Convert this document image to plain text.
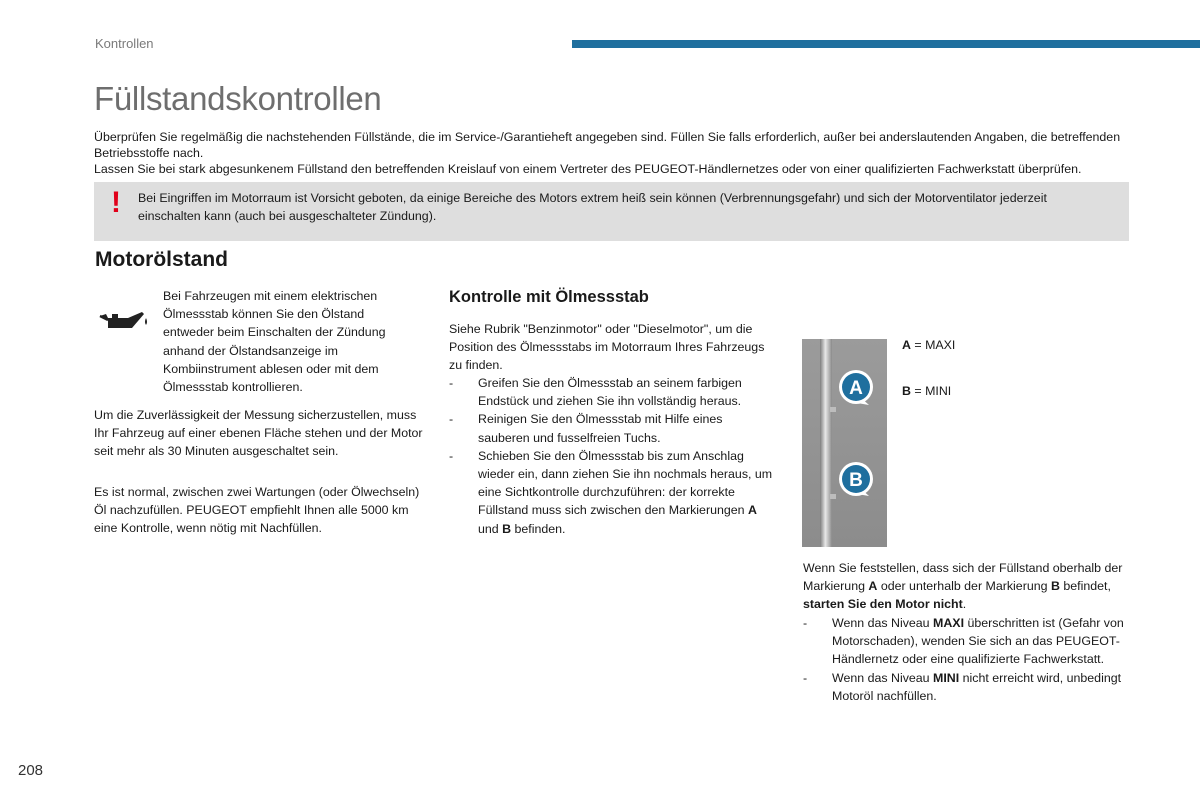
Kontrollen
Füllstandskontrollen

Überprüfen Sie regelmäßig die nachstehenden Füllstände, die im Service-/Garantieheft angegeben sind. Füllen Sie falls erforderlich, außer bei anderslautenden Angaben, die betreffenden Betriebsstoffe nach.

Lassen Sie bei stark abgesunkenem Füllstand den betreffenden Kreislauf von einem Vertreter des PEUGEOT-Händlernetzes oder von einer qualifizierten Fachwerkstatt überprüfen.

! Bei Eingriffen im Motorraum ist Vorsicht geboten, da einige Bereiche des Motors extrem heiß sein können (Verbrennungsgefahr) und sich der Motorventilator jederzeit einschalten kann (auch bei ausgeschalteter Zündung).
Motorölstand
Bei Fahrzeugen mit einem elektrischen Ölmessstab können Sie den Ölstand entweder beim Einschalten der Zündung anhand der Ölstandsanzeige im Kombiinstrument ablesen oder mit dem Ölmessstab kontrollieren.
Um die Zuverlässigkeit der Messung sicherzustellen, muss Ihr Fahrzeug auf einer ebenen Fläche stehen und der Motor seit mehr als 30 Minuten ausgeschaltet sein.
Es ist normal, zwischen zwei Wartungen (oder Ölwechseln) Öl nachzufüllen. PEUGEOT empfiehlt Ihnen alle 5000 km eine Kontrolle, wenn nötig mit Nachfüllen.
Kontrolle mit Ölmessstab
Siehe Rubrik "Benzinmotor" oder "Dieselmotor", um die Position des Ölmessstabs im Motorraum Ihres Fahrzeugs zu finden.
- Greifen Sie den Ölmessstab an seinem farbigen Endstück und ziehen Sie ihn vollständig heraus.
- Reinigen Sie den Ölmessstab mit Hilfe eines sauberen und fusselfreien Tuchs.
- Schieben Sie den Ölmessstab bis zum Anschlag wieder ein, dann ziehen Sie ihn nochmals heraus, um eine Sichtkontrolle durchzuführen: der korrekte Füllstand muss sich zwischen den Markierungen A und B befinden.
A
B
A = MAXI
B = MINI
Wenn Sie feststellen, dass sich der Füllstand oberhalb der Markierung A oder unterhalb der Markierung B befindet, starten Sie den Motor nicht.
- Wenn das Niveau MAXI überschritten ist (Gefahr von Motorschaden), wenden Sie sich an das PEUGEOT-Händlernetz oder eine qualifizierte Fachwerkstatt.
- Wenn das Niveau MINI nicht erreicht wird, unbedingt Motoröl nachfüllen.
208
